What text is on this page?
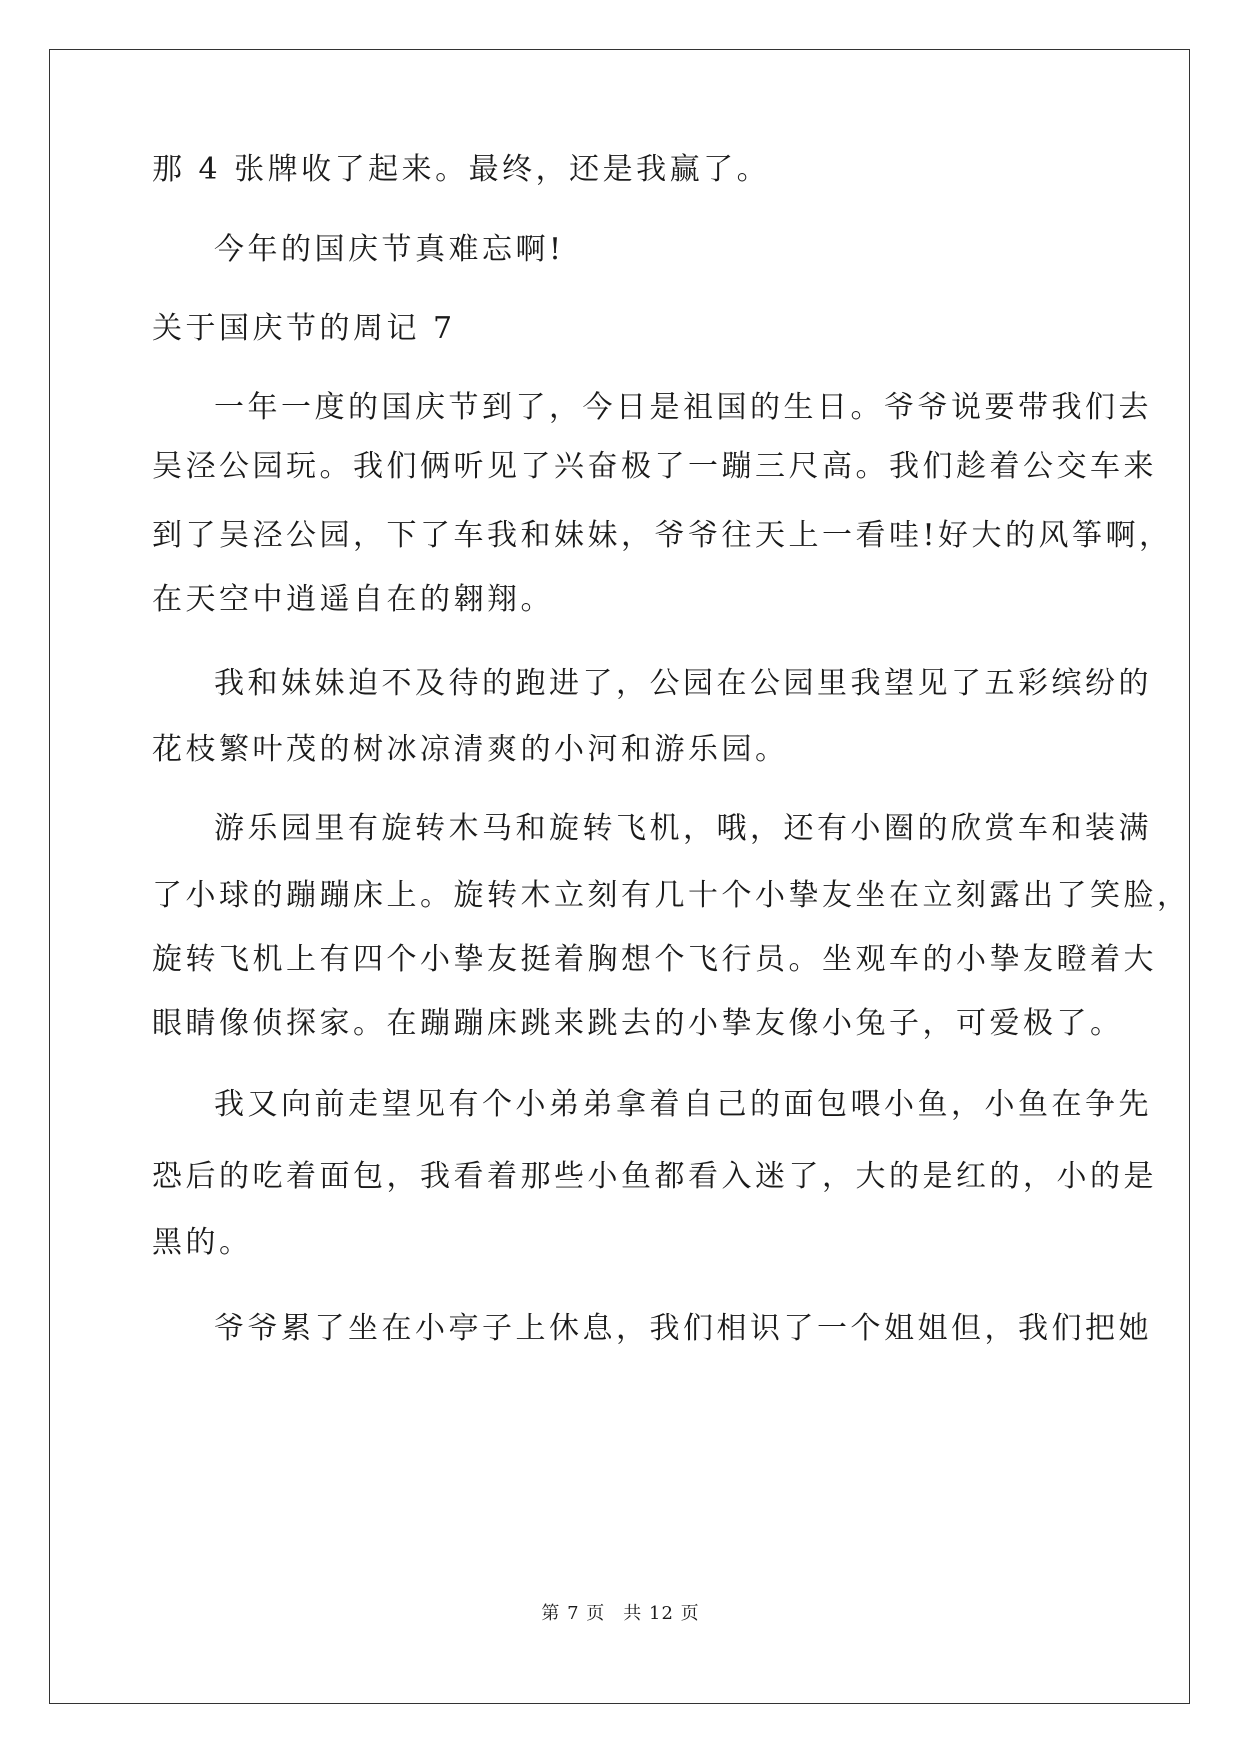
那 4 张牌收了起来。最终，还是我赢了。
今年的国庆节真难忘啊!
关于国庆节的周记 7
一年一度的国庆节到了，今日是祖国的生日。爷爷说要带我们去
吴泾公园玩。我们俩听见了兴奋极了一蹦三尺高。我们趁着公交车来
到了吴泾公园，下了车我和妹妹，爷爷往天上一看哇!好大的风筝啊，
在天空中逍遥自在的翱翔。
我和妹妹迫不及待的跑进了，公园在公园里我望见了五彩缤纷的
花枝繁叶茂的树冰凉清爽的小河和游乐园。
游乐园里有旋转木马和旋转飞机，哦，还有小圈的欣赏车和装满
了小球的蹦蹦床上。旋转木立刻有几十个小挚友坐在立刻露出了笑脸，
旋转飞机上有四个小挚友挺着胸想个飞行员。坐观车的小挚友瞪着大
眼睛像侦探家。在蹦蹦床跳来跳去的小挚友像小兔子，可爱极了。
我又向前走望见有个小弟弟拿着自己的面包喂小鱼，小鱼在争先
恐后的吃着面包，我看着那些小鱼都看入迷了，大的是红的，小的是
黑的。
爷爷累了坐在小亭子上休息，我们相识了一个姐姐但，我们把她
第 7 页 共 12 页
